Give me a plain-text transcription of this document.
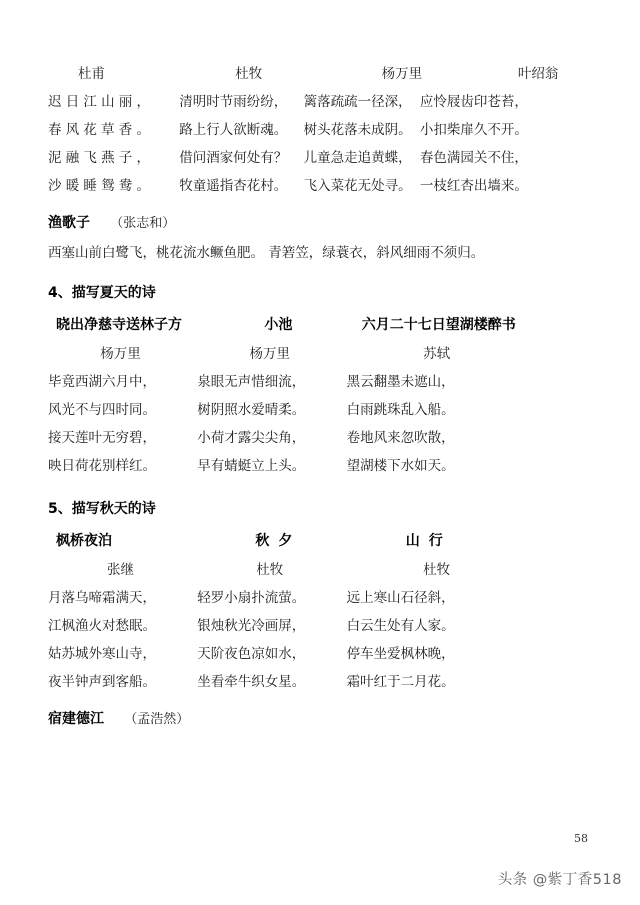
杜甫	杜牧	杨万里	叶绍翁
迟日江山丽， 清明时节雨纷纷， 篱落疏疏一径深， 应怜屐齿印苍苔，
春风花草香。 路上行人欲断魂。 树头花落未成阴。 小扣柴扉久不开。
泥融飞燕子， 借问酒家何处有？ 儿童急走追黄蝶， 春色满园关不住，
沙暖睡鸳鸯。 牧童遥指杏花村。 飞入菜花无处寻。 一枝红杏出墙来。
渔歌子 （张志和）
西塞山前白鹭飞，桃花流水鳜鱼肥。 青箬笠，绿蓑衣，斜风细雨不须归。
4、描写夏天的诗
晓出净慈寺送林子方	小池	六月二十七日望湖楼醉书
杨万里	杨万里	苏轼
毕竟西湖六月中，	泉眼无声惜细流，	黑云翻墨未遮山，
风光不与四时同。	树阴照水爱晴柔。	白雨跳珠乱入船。
接天莲叶无穷碧，	小荷才露尖尖角，	卷地风来忽吹散，
映日荷花别样红。	早有蜻蜓立上头。	望湖楼下水如天。
5、描写秋天的诗
枫桥夜泊	秋夕	山行
张继	杜牧	杜牧
月落乌啼霜满天，	轻罗小扇扑流萤。	远上寒山石径斜，
江枫渔火对愁眠。	银烛秋光冷画屏，	白云生处有人家。
姑苏城外寒山寺，	天阶夜色凉如水，	停车坐爱枫林晚，
夜半钟声到客船。	坐看牵牛织女星。	霜叶红于二月花。
宿建德江 （孟浩然）
58
头条 @紫丁香518
